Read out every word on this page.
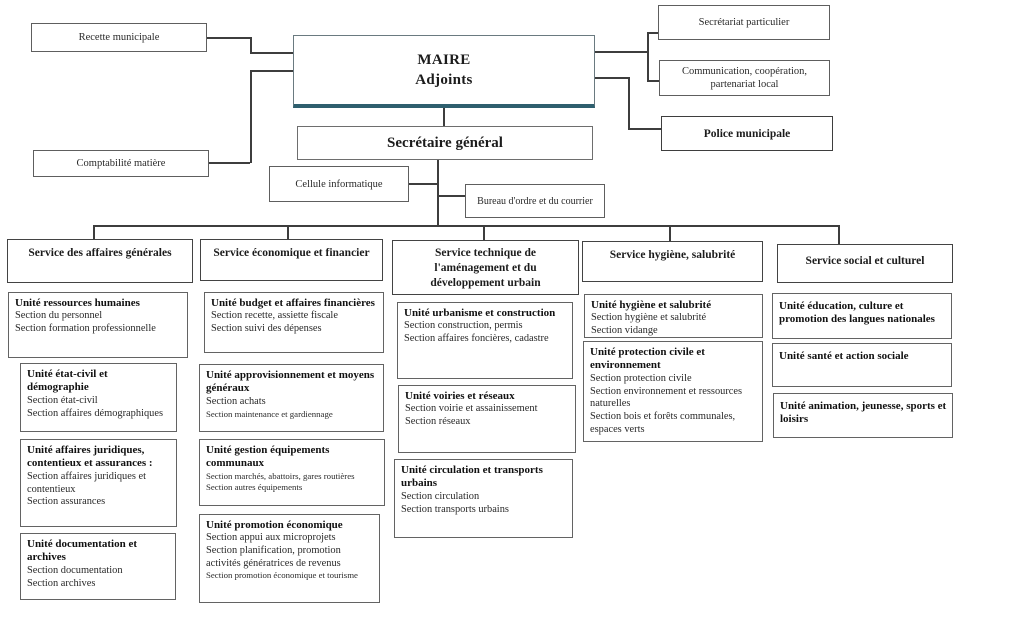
Recette municipale
Comptabilité matière
MAIRE
Adjoints
Secrétariat particulier
Communication, coopération, partenariat local
Police municipale
Secrétaire général
Cellule informatique
Bureau d'ordre et du courrier
Service des affaires générales	Service économique et financier	Service technique de l'aménagement et du développement urbain
Service hygiène, salubrité	Service social et culturel
Unité ressources humaines
Section du personnel
Section formation professionnelle
Unité état-civil et démographie
Section état-civil
Section affaires démographiques
Unité affaires juridiques, contentieux et assurances :
Section affaires juridiques et contentieux
Section assurances
Unité documentation et archives
Section documentation
Section archives
Unité budget et affaires financières
Section recette, assiette fiscale
Section suivi des dépenses
Unité approvisionnement et moyens généraux
Section achats
Section maintenance et gardiennage
Unité gestion équipements communaux
Section marchés, abattoirs, gares routières
Section autres équipements
Unité promotion économique
Section appui aux microprojets
Section planification, promotion activités génératrices de revenus
Section promotion économique et tourisme
Unité urbanisme et construction
Section construction, permis
Section affaires foncières, cadastre
Unité voiries et réseaux
Section voirie et assainissement
Section réseaux
Unité circulation et transports urbains
Section circulation
Section transports urbains
Unité hygiène et salubrité
Section hygiène et salubrité
Section vidange
Unité protection civile et environnement
Section protection civile
Section environnement et ressources naturelles
Section bois et forêts communales, espaces verts
Unité éducation, culture et promotion des langues nationales
Unité santé et action sociale
Unité animation, jeunesse, sports et loisirs
